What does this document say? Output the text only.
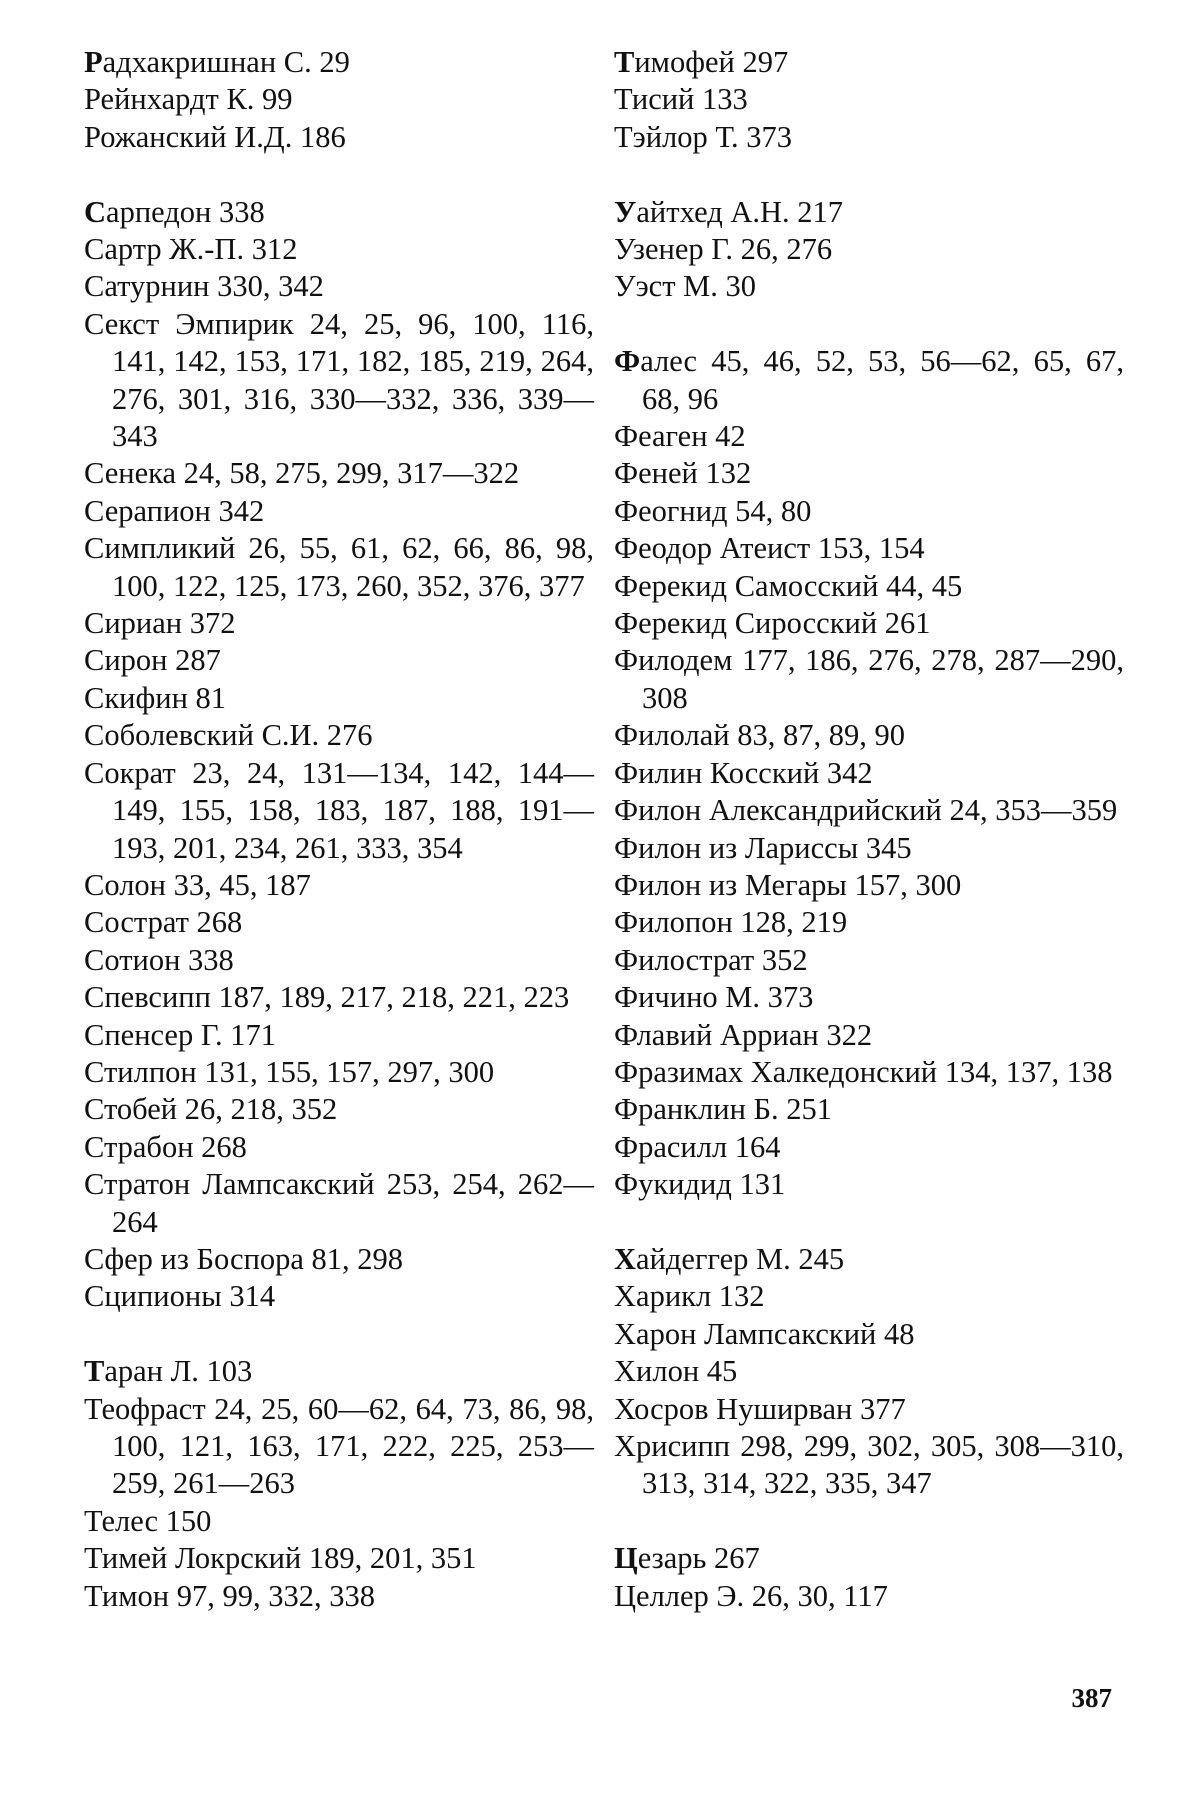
Радхакришнан С. 29

Рейнхардт К. 99

Рожанский И.Д. 186

Сарпедон 338

Сартр Ж.-П. 312

Сатурнин 330, 342

Секст Эмпирик 24, 25, 96, 100, 116, 141, 142, 153, 171, 182, 185, 219, 264, 276, 301, 316, 330—332, 336, 339—343

Сенека 24, 58, 275, 299, 317—322

Серапион 342

Симпликий 26, 55, 61, 62, 66, 86, 98, 100, 122, 125, 173, 260, 352, 376, 377

Сириан 372

Сирон 287

Скифин 81

Соболевский С.И. 276

Сократ 23, 24, 131—134, 142, 144—149, 155, 158, 183, 187, 188, 191—193, 201, 234, 261, 333, 354

Солон 33, 45, 187

Сострат 268

Сотион 338

Спевсипп 187, 189, 217, 218, 221, 223

Спенсер Г. 171

Стилпон 131, 155, 157, 297, 300

Стобей 26, 218, 352

Страбон 268

Стратон Лампсакский 253, 254, 262—264

Сфер из Боспора 81, 298

Сципионы 314

Таран Л. 103

Теофраст 24, 25, 60—62, 64, 73, 86, 98, 100, 121, 163, 171, 222, 225, 253—259, 261—263

Телес 150

Тимей Локрский 189, 201, 351

Тимон 97, 99, 332, 338

Тимофей 297

Тисий 133

Тэйлор Т. 373

Уайтхед А.Н. 217

Узенер Г. 26, 276

Уэст М. 30

Фалес 45, 46, 52, 53, 56—62, 65, 67, 68, 96

Феаген 42

Феней 132

Феогнид 54, 80

Феодор Атеист 153, 154

Ферекид Самосский 44, 45

Ферекид Сиросский 261

Филодем 177, 186, 276, 278, 287—290, 308

Филолай 83, 87, 89, 90

Филин Косский 342

Филон Александрийский 24, 353—359

Филон из Лариссы 345

Филон из Мегары 157, 300

Филопон 128, 219

Филострат 352

Фичино М. 373

Флавий Арриан 322

Фразимах Халкедонский 134, 137, 138

Франклин Б. 251

Фрасилл 164

Фукидид 131

Хайдеггер М. 245

Харикл 132

Харон Лампсакский 48

Хилон 45

Хосров Нуширван 377

Хрисипп 298, 299, 302, 305, 308—310, 313, 314, 322, 335, 347

Цезарь 267

Целлер Э. 26, 30, 117

387
